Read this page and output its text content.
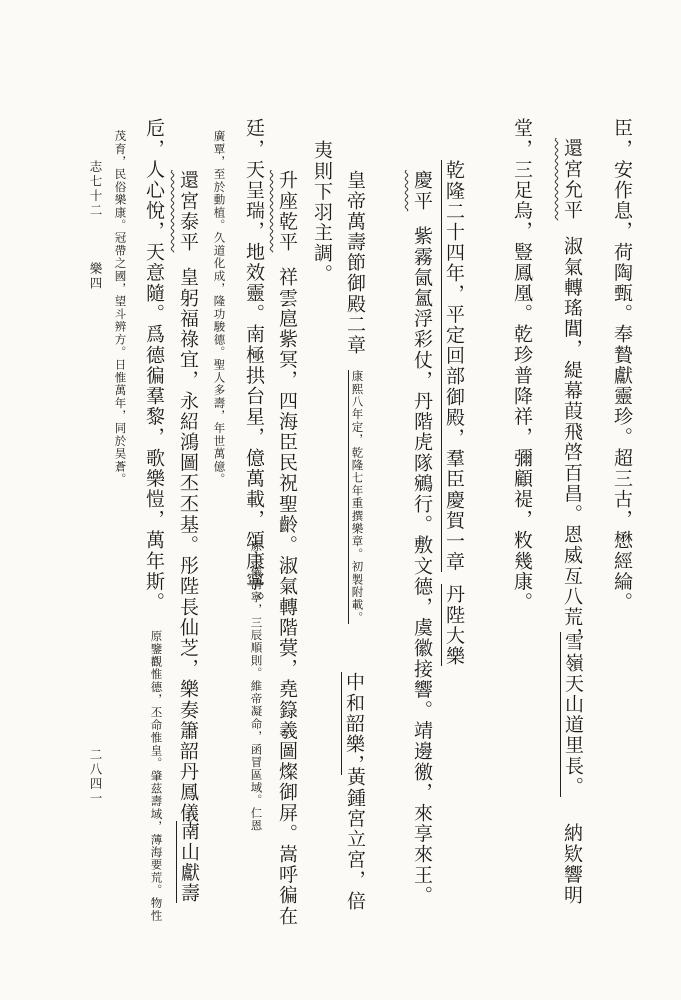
臣，安作息，荷陶甄。奉贄獻靈珍。超三古，懋經綸。
還宮允平
淑氣轉瑤閶，緹幕葭飛啓百昌。恩威亙八荒，
雪嶺天山道里長。
納欵響明
堂，三足烏，豎鳳凰。乾珍普降祥，彌顧禔，敉幾康。
乾隆二十四年，平定回部御殿，羣臣慶賀一章
丹陛大樂
慶平
紫霧氤氳浮彩仗，丹階虎隊鵷行。敷文德，虞徽接響。靖邊徼，來享來王。
皇帝萬壽節御殿二章
康熙八年定，乾隆七年重撰樂章。初製附載。
中和韶樂，
黃鍾宮立宮，倍
夷則下羽主調。
升座乾平
祥雲扈紫冥，四海臣民祝聖齡。淑氣轉階蓂，堯籙羲圖燦御屏。嵩呼徧在
廷，天呈瑞，地效靈。南極拱台星，億萬載，頌康寧。
原二儀清寧，三辰順則。維帝凝命，函冒區域。仁恩
廣覃，至於動植。久道化成，隆功駿德。聖人多壽，年世萬億。
還宮泰平
皇躬福祿宜，永紹鴻圖丕丕基。彤陛長仙芝，樂奏簫韶丹鳳儀。
南山獻壽
卮，人心悅，天意隨。爲德徧羣黎，歌樂愷，萬年斯。
原鑒觀惟德，丕命惟皇。肇茲壽域，薄海要荒。物性
茂育，民俗樂康。冠帶之國，望斗辨方。日惟萬年，同於昊蒼。
志七十二
樂四
二八四一
